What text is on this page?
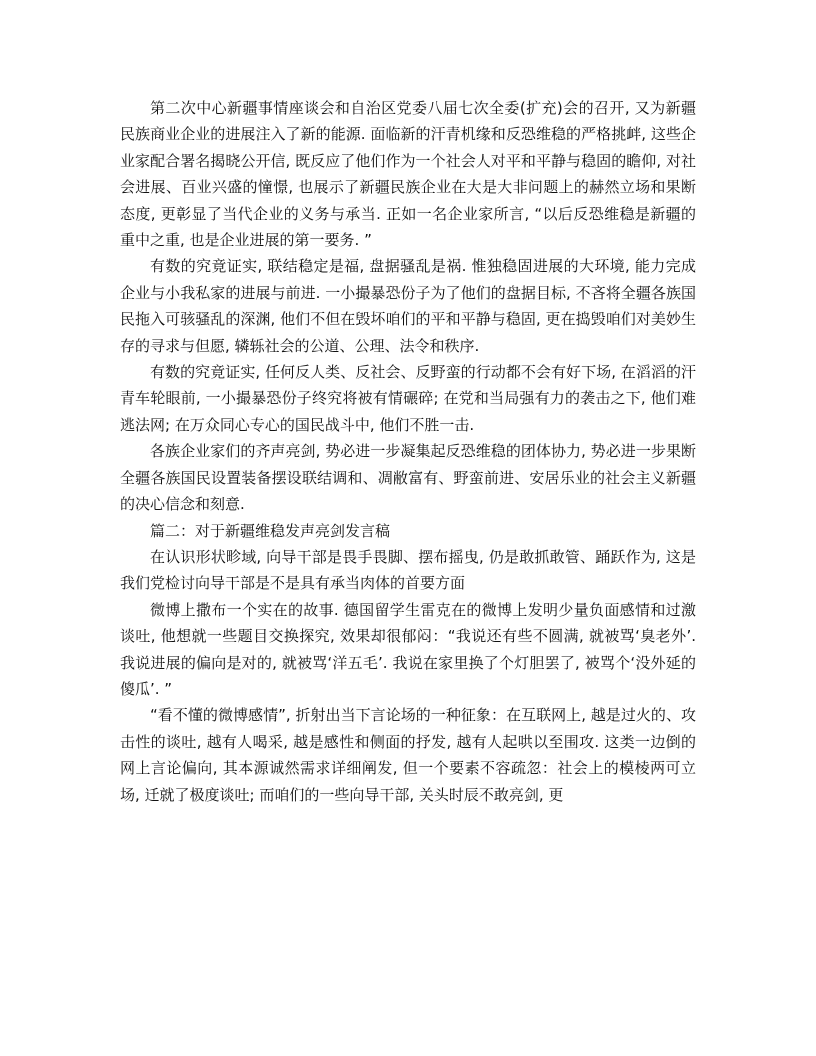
第二次中心新疆事情座谈会和自治区党委八届七次全委(扩充)会的召开, 又为新疆民族商业企业的进展注入了新的能源. 面临新的汗青机缘和反恐维稳的严格挑衅, 这些企业家配合署名揭晓公开信, 既反应了他们作为一个社会人对平和平静与稳固的瞻仰, 对社会进展、百业兴盛的憧憬, 也展示了新疆民族企业在大是大非问题上的赫然立场和果断态度, 更彰显了当代企业的义务与承当. 正如一名企业家所言, “以后反恐维稳是新疆的重中之重, 也是企业进展的第一要务. ”

有数的究竟证实, 联结稳定是福, 盘据骚乱是祸. 惟独稳固进展的大环境, 能力完成企业与小我私家的进展与前进. 一小撮暴恐份子为了他们的盘据目标, 不吝将全疆各族国民拖入可骇骚乱的深渊, 他们不但在毁坏咱们的平和平静与稳固, 更在捣毁咱们对美妙生存的寻求与但愿, 辚轹社会的公道、公理、法令和秩序.

有数的究竟证实, 任何反人类、反社会、反野蛮的行动都不会有好下场, 在滔滔的汗青车轮眼前, 一小撮暴恐份子终究将被有情碾碎; 在党和当局强有力的袭击之下, 他们难逃法网; 在万众同心专心的国民战斗中, 他们不胜一击.

各族企业家们的齐声亮剑, 势必进一步凝集起反恐维稳的团体协力, 势必进一步果断全疆各族国民设置装备摆设联结调和、凋敝富有、野蛮前进、安居乐业的社会主义新疆的决心信念和刻意.

篇二：对于新疆维稳发声亮剑发言稿

在认识形状畛域, 向导干部是畏手畏脚、摆布摇曳, 仍是敢抓敢管、踊跃作为, 这是我们党检讨向导干部是不是具有承当肉体的首要方面

微博上撒布一个实在的故事. 德国留学生雷克在的微博上发明少量负面感情和过激谈吐, 他想就一些题目交换探究, 效果却很郁闷：“我说还有些不圆满, 就被骂‘臭老外’. 我说进展的偏向是对的, 就被骂‘洋五毛’. 我说在家里换了个灯胆罢了, 被骂个‘没外延的傻瓜’. ”

“看不懂的微博感情”, 折射出当下言论场的一种征象：在互联网上, 越是过火的、攻击性的谈吐, 越有人喝采, 越是感性和侧面的抒发, 越有人起哄以至围攻. 这类一边倒的网上言论偏向, 其本源诚然需求详细阐发, 但一个要素不容疏忽：社会上的模棱两可立场, 迁就了极度谈吐; 而咱们的一些向导干部, 关头时辰不敢亮剑, 更
